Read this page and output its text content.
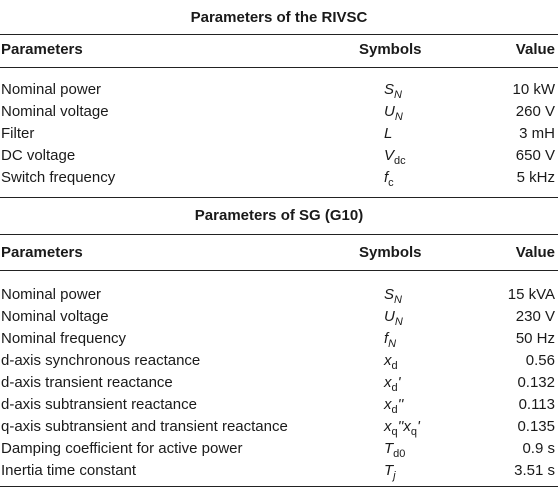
Parameters of the RIVSC
Parameters	Symbols	Value
Nominal power	$S_N$	10 kW
Nominal voltage	$U_N$	260 V
Filter	L	3 mH
DC voltage	$V_{dc}$	650 V
Switch frequency	$f_c$	5 kHz
Parameters of SG (G10)
Parameters	Symbols	Value
Nominal power	$S_N$	15 kVA
Nominal voltage	$U_N$	230 V
Nominal frequency	$f_N$	50 Hz
d-axis synchronous reactance	$x_d$	0.56
d-axis transient reactance	$x_d'$	0.132
d-axis subtransient reactance	$x_d''$	0.113
q-axis subtransient and transient reactance	$x_q''x_q'$	0.135
Damping coefficient for active power	$T_{d0}$	0.9 s
Inertia time constant	$T_j$	3.51 s
